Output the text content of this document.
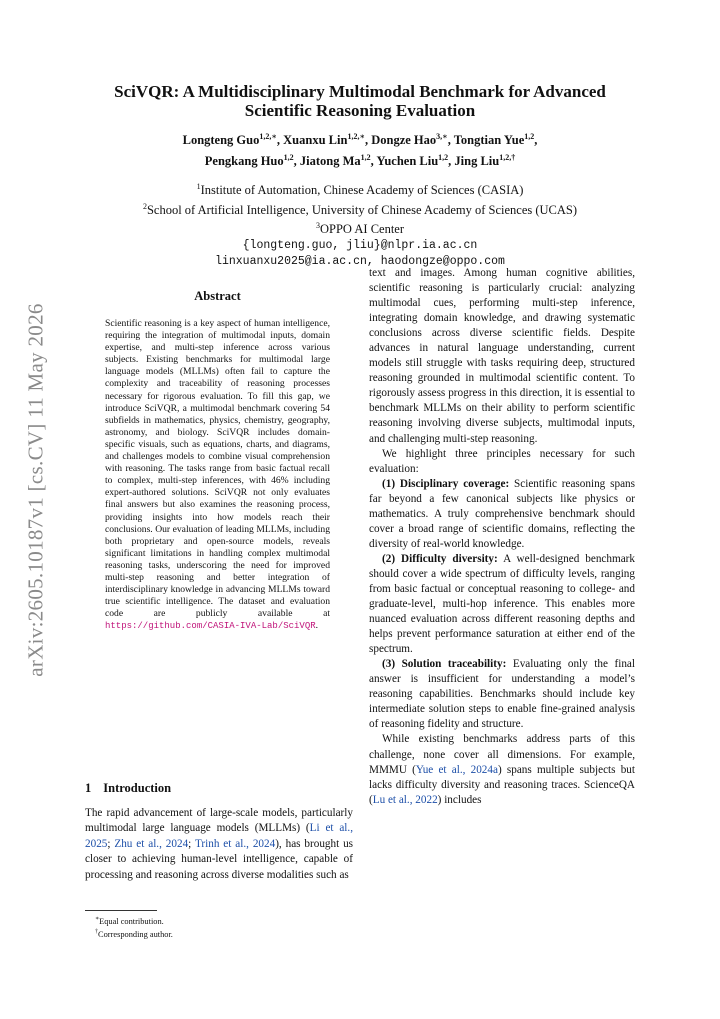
arXiv:2605.10187v1 [cs.CV] 11 May 2026
SciVQR: A Multidisciplinary Multimodal Benchmark for Advanced
Scientific Reasoning Evaluation
Longteng Guo$^{1,2,∗}$, Xuanxu Lin$^{1,2,∗}$, Dongze Hao$^{3,∗}$, Tongtian Yue$^{1,2}$,
Pengkang Huo$^{1,2}$, Jiatong Ma$^{1,2}$, Yuchen Liu$^{1,2}$, Jing Liu$^{1,2,\dagger}$
$^1$Institute of Automation, Chinese Academy of Sciences (CASIA)
$^2$School of Artificial Intelligence, University of Chinese Academy of Sciences (UCAS)
$^3$OPPO AI Center
{longteng.guo, jliu}@nlpr.ia.ac.cn
linxuanxu2025@ia.ac.cn, haodongze@oppo.com
Abstract
Scientific reasoning is a key aspect of human intelligence, requiring the integration of multimodal inputs, domain expertise, and multi-step inference across various subjects. Existing benchmarks for multimodal large language models (MLLMs) often fail to capture the complexity and traceability of reasoning processes necessary for rigorous evaluation. To fill this gap, we introduce SciVQR, a multimodal benchmark covering 54 subfields in mathematics, physics, chemistry, geography, astronomy, and biology. SciVQR includes domain-specific visuals, such as equations, charts, and diagrams, and challenges models to combine visual comprehension with reasoning. The tasks range from basic factual recall to complex, multi-step inferences, with 46% including expert-authored solutions. SciVQR not only evaluates final answers but also examines the reasoning process, providing insights into how models reach their conclusions. Our evaluation of leading MLLMs, including both proprietary and open-source models, reveals significant limitations in handling complex multimodal reasoning tasks, underscoring the need for improved multi-step reasoning and better integration of interdisciplinary knowledge in advancing MLLMs toward true scientific intelligence. The dataset and evaluation code are publicly available at https://github.com/CASIA-IVA-Lab/SciVQR.
1 Introduction
The rapid advancement of large-scale models, particularly multimodal large language models (MLLMs) (Li et al., 2025; Zhu et al., 2024; Trinh et al., 2024), has brought us closer to achieving human-level intelligence, capable of processing and reasoning across diverse modalities such as
∗Equal contribution.
†Corresponding author.

text and images. Among human cognitive abilities, scientific reasoning is particularly crucial: analyzing multimodal cues, performing multi-step inference, integrating domain knowledge, and drawing systematic conclusions across diverse scientific fields. Despite advances in natural language understanding, current models still struggle with tasks requiring deep, structured reasoning grounded in multimodal scientific content. To rigorously assess progress in this direction, it is essential to benchmark MLLMs on their ability to perform scientific reasoning involving diverse subjects, multimodal inputs, and challenging multi-step reasoning.

We highlight three principles necessary for such evaluation:

(1) Disciplinary coverage: Scientific reasoning spans far beyond a few canonical subjects like physics or mathematics. A truly comprehensive benchmark should cover a broad range of scientific domains, reflecting the diversity of real-world knowledge.

(2) Difficulty diversity: A well-designed benchmark should cover a wide spectrum of difficulty levels, ranging from basic factual or conceptual reasoning to college- and graduate-level, multi-hop inference. This enables more nuanced evaluation across different reasoning depths and helps prevent performance saturation at either end of the spectrum.

(3) Solution traceability: Evaluating only the final answer is insufficient for understanding a model’s reasoning capabilities. Benchmarks should include key intermediate solution steps to enable fine-grained analysis of reasoning fidelity and structure.

While existing benchmarks address parts of this challenge, none cover all dimensions. For example, MMMU (Yue et al., 2024a) spans multiple subjects but lacks difficulty diversity and reasoning traces. ScienceQA (Lu et al., 2022) includes
